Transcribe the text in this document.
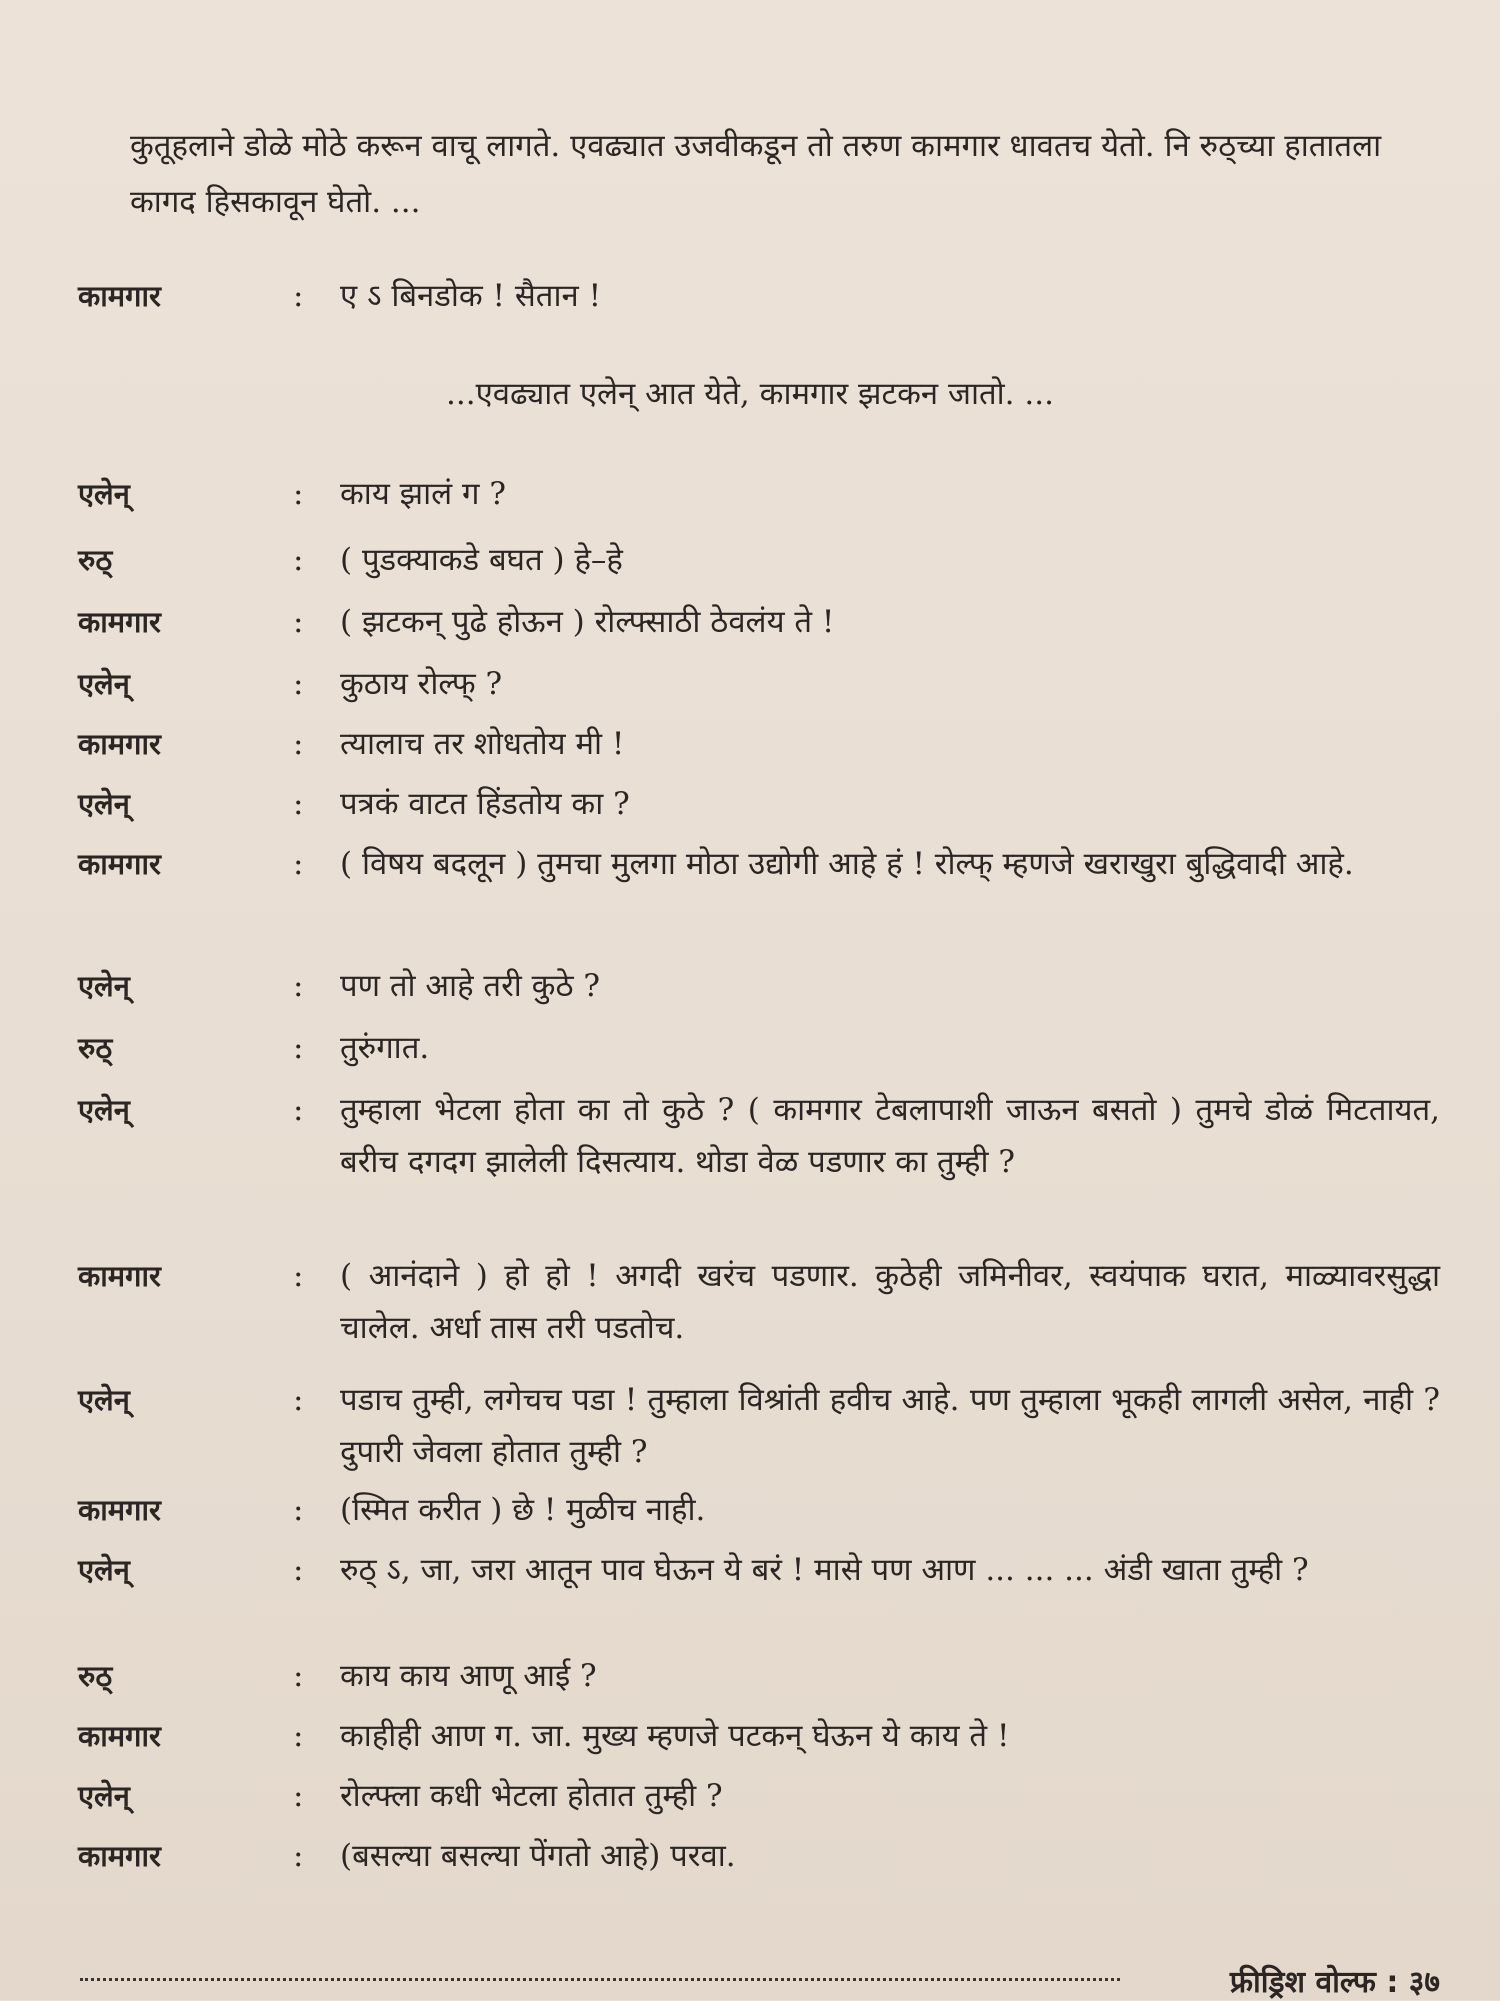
कुतूहलाने डोळे मोठे करून वाचू लागते. एवढ्यात उजवीकडून तो तरुण कामगार धावतच येतो. नि रुठ्च्या हातातला कागद हिसकावून घेतो. ...
कामगार	:	ए ऽ बिनडोक ! सैतान !
...एवढ्यात एलेन् आत येते, कामगार झटकन जातो. ...
एलेन्	:	काय झालं ग ?
रुठ्	:	( पुडक्याकडे बघत ) हे–हे
कामगार	:	( झटकन् पुढे होऊन ) रोल्फ्साठी ठेवलंय ते !
एलेन्	:	कुठाय रोल्फ् ?
कामगार	:	त्यालाच तर शोधतोय मी !
एलेन्	:	पत्रकं वाटत हिंडतोय का ?
कामगार	:	( विषय बदलून ) तुमचा मुलगा मोठा उद्योगी आहे हं ! रोल्फ् म्हणजे खराखुरा बुद्धिवादी आहे.
एलेन्	:	पण तो आहे तरी कुठे ?
रुठ्	:	तुरुंगात.
एलेन्	:	तुम्हाला भेटला होता का तो कुठे ? ( कामगार टेबलापाशी जाऊन बसतो ) तुमचे डोळं मिटतायत, बरीच दगदग झालेली दिसत्याय. थोडा वेळ पडणार का तुम्ही ?
कामगार	:	( आनंदाने ) हो हो ! अगदी खरंच पडणार. कुठेही जमिनीवर, स्वयंपाक घरात, माळ्यावरसुद्धा चालेल. अर्धा तास तरी पडतोच.
एलेन्	:	पडाच तुम्ही, लगेचच पडा ! तुम्हाला विश्रांती हवीच आहे. पण तुम्हाला भूकही लागली असेल, नाही ? दुपारी जेवला होतात तुम्ही ?
कामगार	:	(स्मित करीत ) छे ! मुळीच नाही.
एलेन्	:	रुठ् ऽ, जा, जरा आतून पाव घेऊन ये बरं ! मासे पण आण ... ... ... अंडी खाता तुम्ही ?
रुठ्	:	काय काय आणू आई ?
कामगार	:	काहीही आण ग. जा. मुख्य म्हणजे पटकन् घेऊन ये काय ते !
एलेन्	:	रोल्फ्ला कधी भेटला होतात तुम्ही ?
कामगार	:	(बसल्या बसल्या पेंगतो आहे) परवा.
फ्रीड्रिश वोल्फ : ३७
